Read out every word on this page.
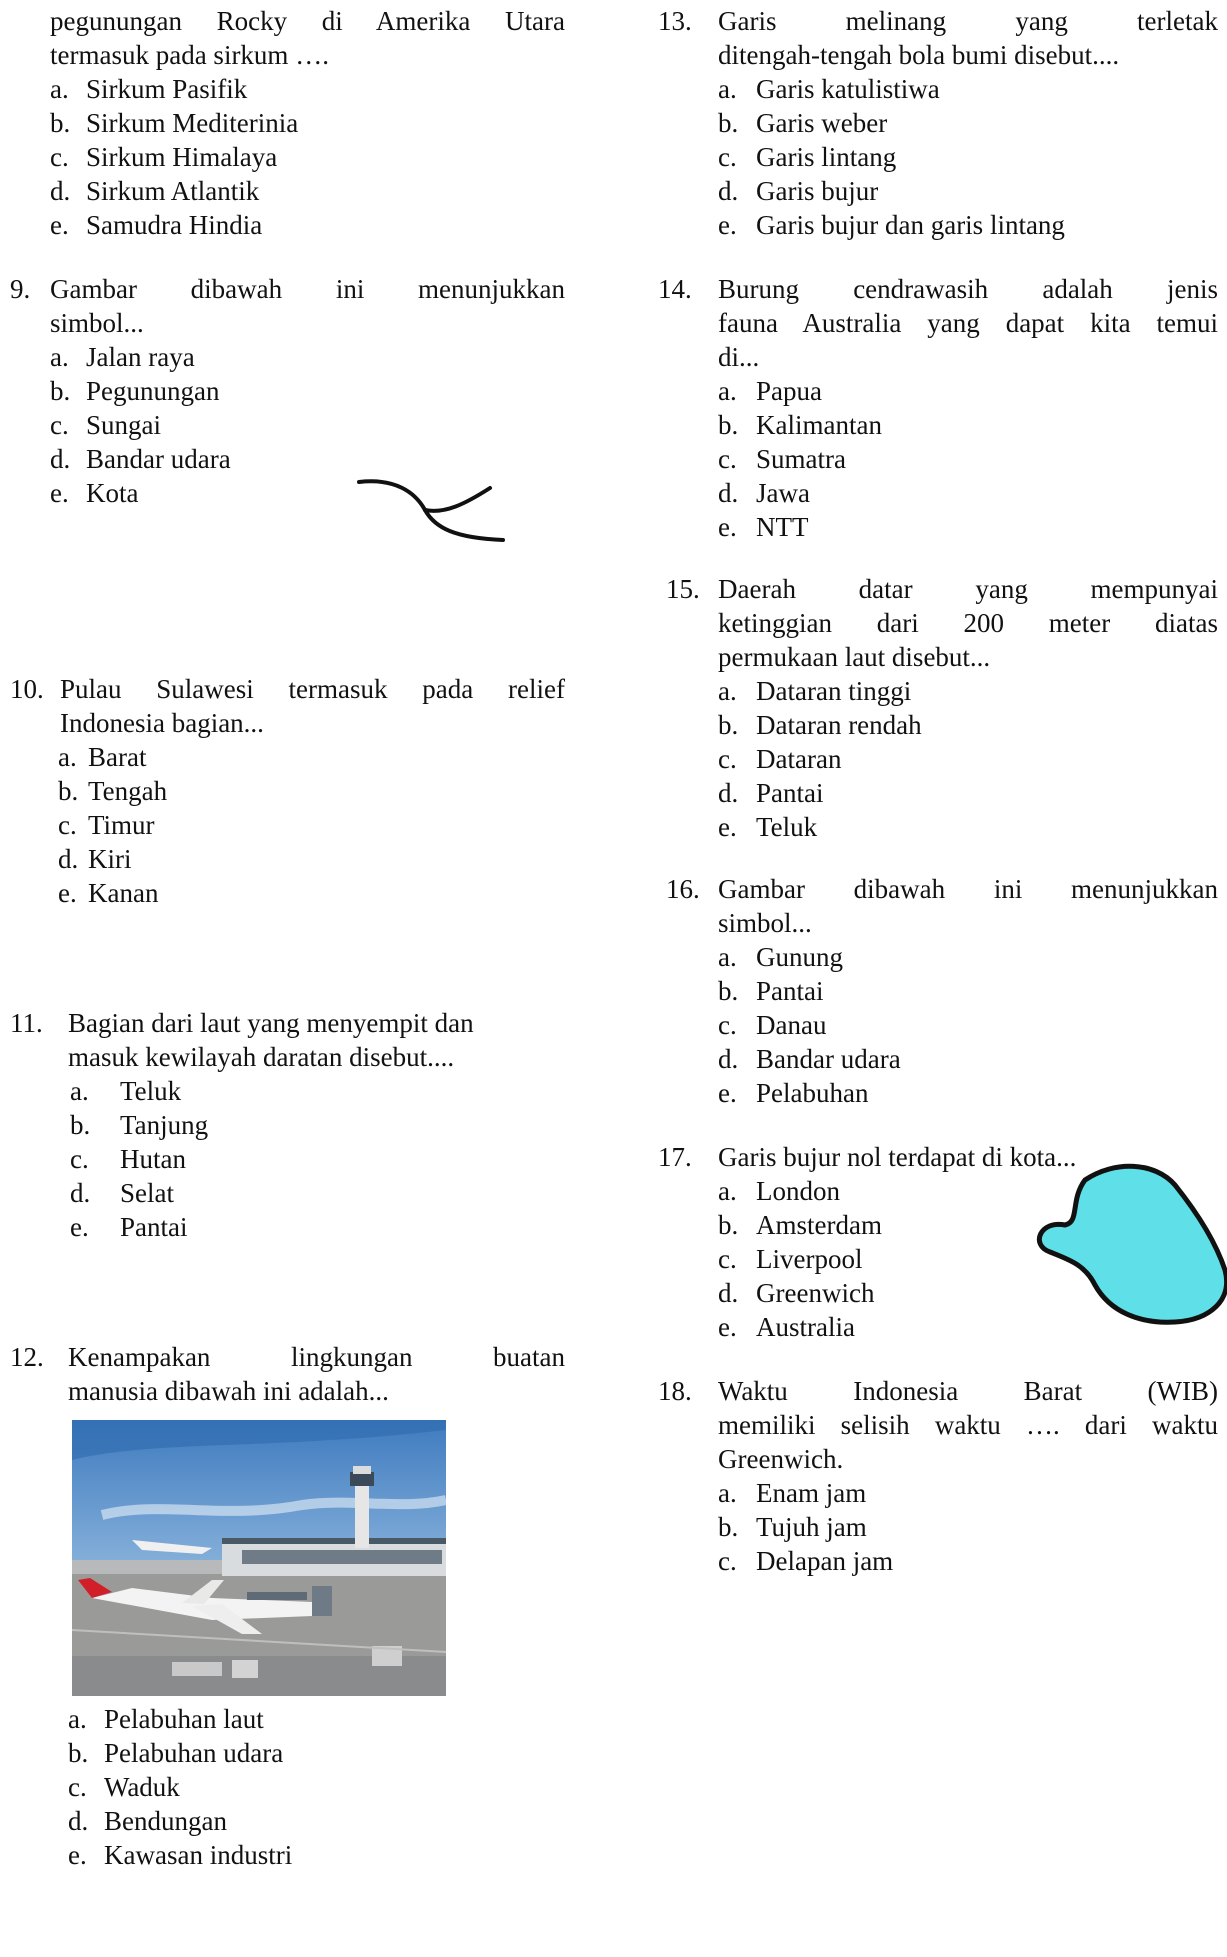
pegunungan Rocky di Amerika Utara
termasuk pada sirkum ….
a. Sirkum Pasifik
b. Sirkum Mediterinia
c. Sirkum Himalaya
d. Sirkum Atlantik
e. Samudra Hindia
9. Gambar dibawah ini menunjukkan
simbol...
a. Jalan raya
b. Pegunungan
c. Sungai
d. Bandar udara
e. Kota
10. Pulau Sulawesi termasuk pada relief
Indonesia bagian...
a. Barat
b. Tengah
c. Timur
d. Kiri
e. Kanan
11. Bagian dari laut yang menyempit dan
masuk kewilayah daratan disebut....
a. Teluk
b. Tanjung
c. Hutan
d. Selat
e. Pantai
12. Kenampakan lingkungan buatan
manusia dibawah ini adalah...
a. Pelabuhan laut
b. Pelabuhan udara
c. Waduk
d. Bendungan
e. Kawasan industri
13. Garis melinang yang terletak
ditengah-tengah bola bumi disebut....
a. Garis katulistiwa
b. Garis weber
c. Garis lintang
d. Garis bujur
e. Garis bujur dan garis lintang
14. Burung cendrawasih adalah jenis
fauna Australia yang dapat kita temui
di...
a. Papua
b. Kalimantan
c. Sumatra
d. Jawa
e. NTT
15. Daerah datar yang mempunyai
ketinggian dari 200 meter diatas
permukaan laut disebut...
a. Dataran tinggi
b. Dataran rendah
c. Dataran
d. Pantai
e. Teluk
16. Gambar dibawah ini menunjukkan
simbol...
a. Gunung
b. Pantai
c. Danau
d. Bandar udara
e. Pelabuhan
17. Garis bujur nol terdapat di kota...
a. London
b. Amsterdam
c. Liverpool
d. Greenwich
e. Australia
18. Waktu Indonesia Barat (WIB)
memiliki selisih waktu …. dari waktu
Greenwich.
a. Enam jam
b. Tujuh jam
c. Delapan jam
